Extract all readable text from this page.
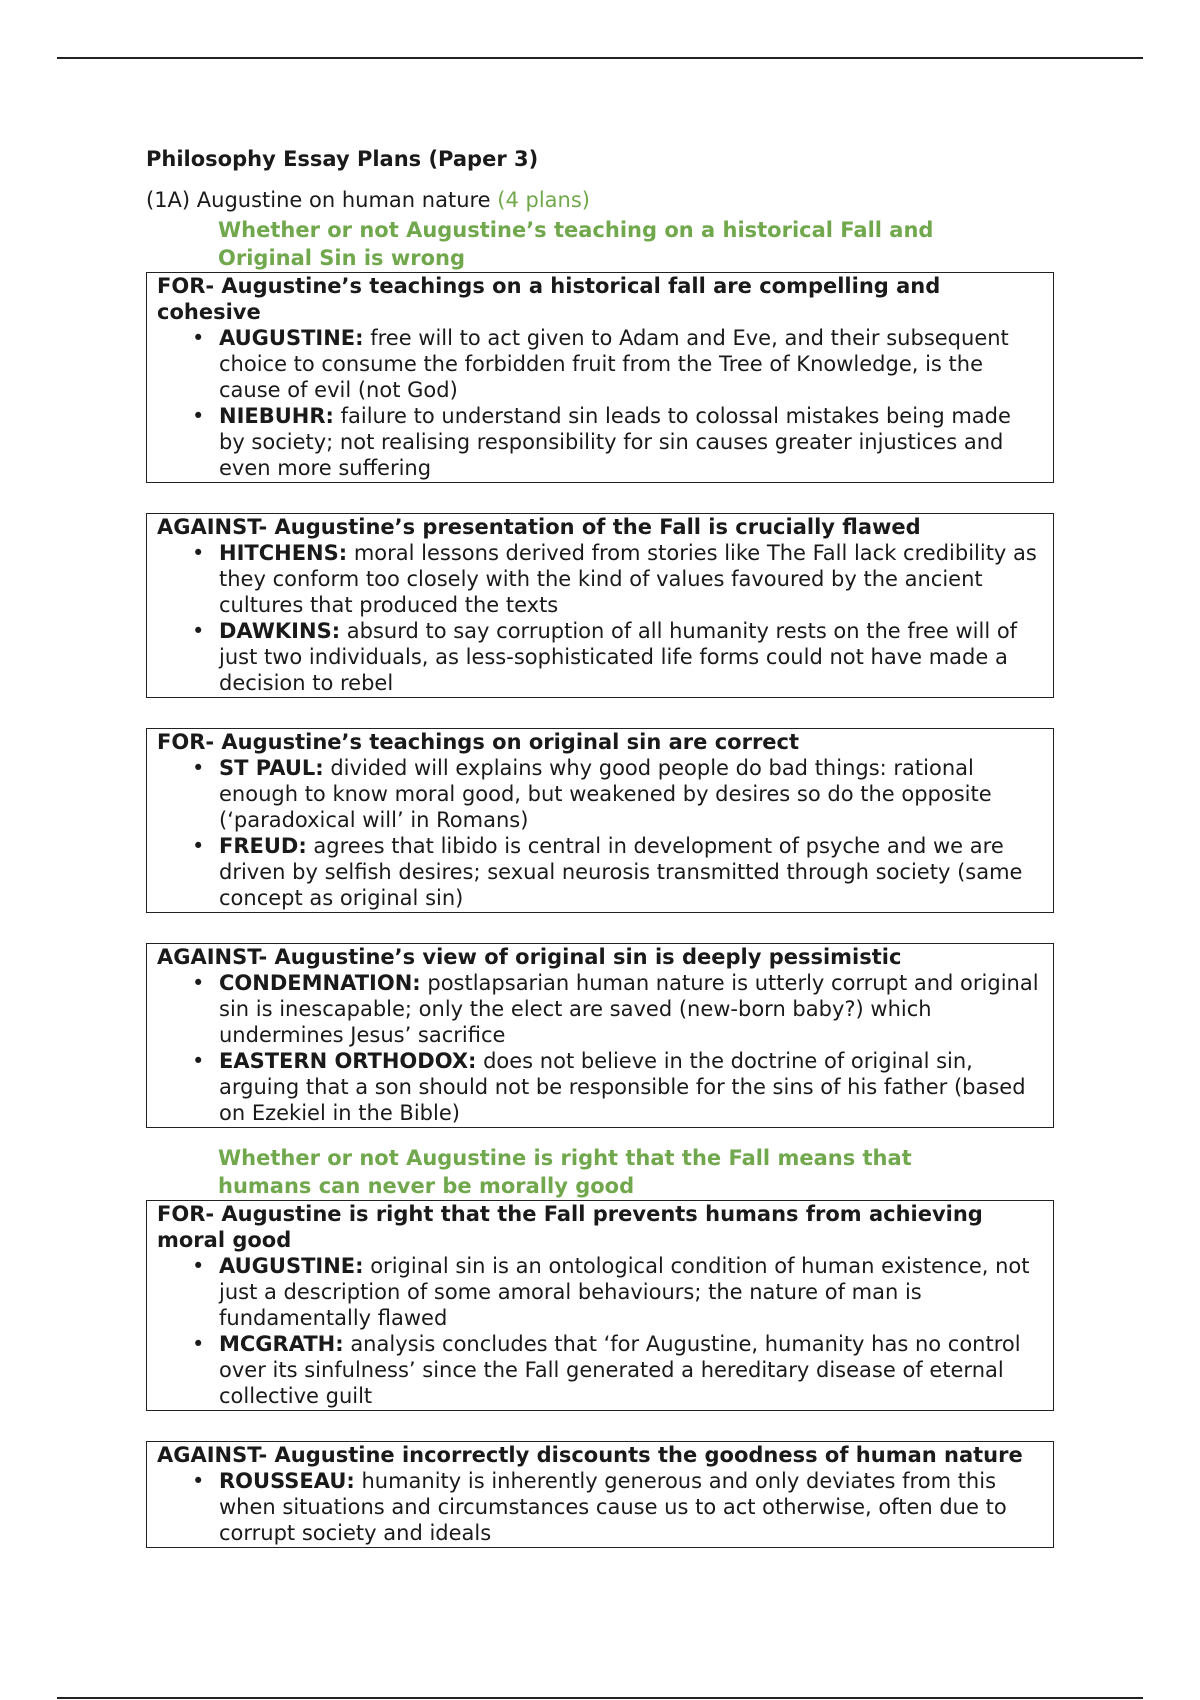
Philosophy Essay Plans (Paper 3)
(1A) Augustine on human nature (4 plans)
Whether or not Augustine’s teaching on a historical Fall and Original Sin is wrong
FOR- Augustine’s teachings on a historical fall are compelling and cohesive
• AUGUSTINE: free will to act given to Adam and Eve, and their subsequent choice to consume the forbidden fruit from the Tree of Knowledge, is the cause of evil (not God)
• NIEBUHR: failure to understand sin leads to colossal mistakes being made by society; not realising responsibility for sin causes greater injustices and even more suffering
AGAINST- Augustine’s presentation of the Fall is crucially flawed
• HITCHENS: moral lessons derived from stories like The Fall lack credibility as they conform too closely with the kind of values favoured by the ancient cultures that produced the texts
• DAWKINS: absurd to say corruption of all humanity rests on the free will of just two individuals, as less-sophisticated life forms could not have made a decision to rebel
FOR- Augustine’s teachings on original sin are correct
• ST PAUL: divided will explains why good people do bad things: rational enough to know moral good, but weakened by desires so do the opposite (‘paradoxical will’ in Romans)
• FREUD: agrees that libido is central in development of psyche and we are driven by selfish desires; sexual neurosis transmitted through society (same concept as original sin)
AGAINST- Augustine’s view of original sin is deeply pessimistic
• CONDEMNATION: postlapsarian human nature is utterly corrupt and original sin is inescapable; only the elect are saved (new-born baby?) which undermines Jesus’ sacrifice
• EASTERN ORTHODOX: does not believe in the doctrine of original sin, arguing that a son should not be responsible for the sins of his father (based on Ezekiel in the Bible)
Whether or not Augustine is right that the Fall means that humans can never be morally good
FOR- Augustine is right that the Fall prevents humans from achieving moral good
• AUGUSTINE: original sin is an ontological condition of human existence, not just a description of some amoral behaviours; the nature of man is fundamentally flawed
• MCGRATH: analysis concludes that ‘for Augustine, humanity has no control over its sinfulness’ since the Fall generated a hereditary disease of eternal collective guilt
AGAINST- Augustine incorrectly discounts the goodness of human nature
• ROUSSEAU: humanity is inherently generous and only deviates from this when situations and circumstances cause us to act otherwise, often due to corrupt society and ideals
